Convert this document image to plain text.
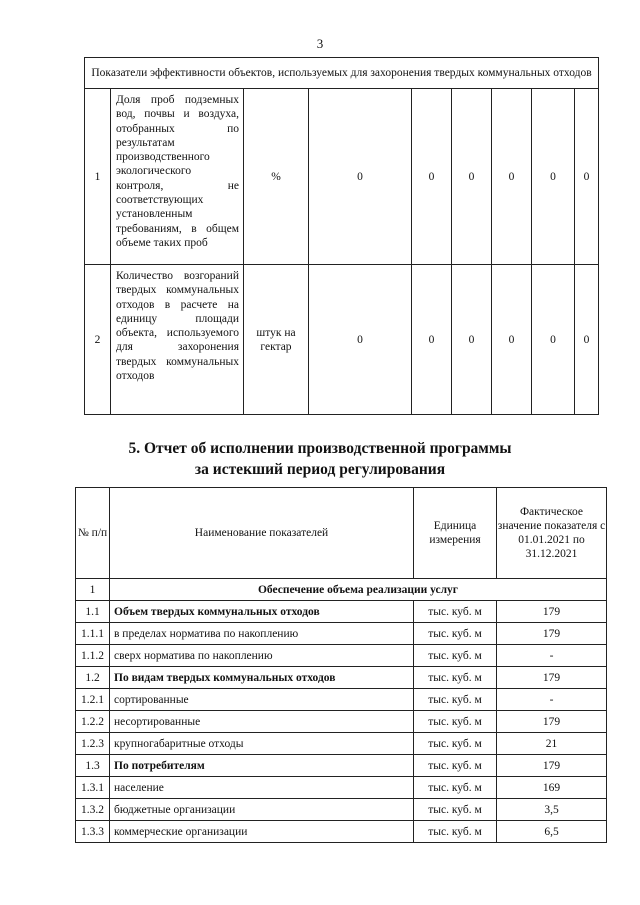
3
Показатели эффективности объектов, используемых для захоронения твердых коммунальных отходов								
1	Доля проб подземных вод, почвы и воздуха, отобранных по результатам производственного экологического контроля, не соответствующих установленным требованиям, в общем объеме таких проб	%	0	0	0	0	0	0
2	Количество возгораний твердых коммунальных отходов в расчете на единицу площади объекта, используемого для захоронения твердых коммунальных отходов	штук на гектар	0	0	0	0	0	0
5. Отчет об исполнении производственной программы
за истекший период регулирования
№ п/п	Наименование показателей	Единица измерения	Фактическое значение показателя с 01.01.2021 по 31.12.2021
1	Обеспечение объема реализации услуг		
1.1	Объем твердых коммунальных отходов	тыс. куб. м	179
1.1.1	в пределах норматива по накоплению	тыс. куб. м	179
1.1.2	сверх норматива по накоплению	тыс. куб. м	-
1.2	По видам твердых коммунальных отходов	тыс. куб. м	179
1.2.1	сортированные	тыс. куб. м	-
1.2.2	несортированные	тыс. куб. м	179
1.2.3	крупногабаритные отходы	тыс. куб. м	21
1.3	По потребителям	тыс. куб. м	179
1.3.1	население	тыс. куб. м	169
1.3.2	бюджетные организации	тыс. куб. м	3,5
1.3.3	коммерческие организации	тыс. куб. м	6,5
